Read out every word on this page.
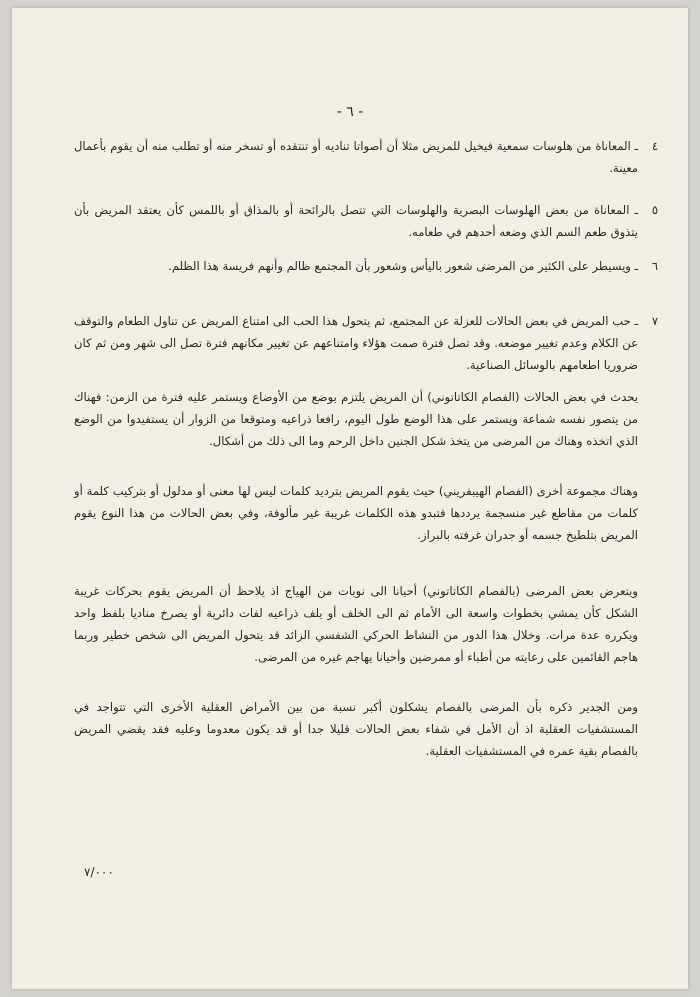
- ٦ -
٤
ـ المعاناة من هلوسات سمعية فيخيل للمريض مثلا أن أصواتا تناديه أو تنتقده أو تسخر منه أو تطلب منه أن يقوم بأعمال معينة.
٥
ـ المعاناة من بعض الهلوسات البصرية والهلوسات التي تتصل بالرائحة أو بالمذاق أو باللمس كأن يعتقد المريض بأن يتذوق طعم السم الذي وضعه أحدهم في طعامه.
٦
ـ ويسيطر على الكثير من المرضى شعور باليأس وشعور بأن المجتمع ظالم وأنهم فريسة هذا الظلم.
٧
ـ حب المريض في بعض الحالات للعزلة عن المجتمع، ثم يتحول هذا الحب الى امتناع المريض عن تناول الطعام والتوقف عن الكلام وعدم تغيير موضعه. وقد تصل فترة صمت هؤلاء وامتناعهم عن تغيير مكانهم فترة تصل الى شهر ومن ثم كان ضروريا اطعامهم بالوسائل الصناعية.
يحدث في بعض الحالات (الفصام الكاتاتوني) أن المريض يلتزم بوضع من الأوضاع ويستمر عليه فترة من الزمن: فهناك من يتصور نفسه شماعة ويستمر على هذا الوضع طول اليوم، رافعا ذراعيه ومتوقعا من الزوار أن يستفيدوا من الوضع الذي اتخذه وهناك من المرضى من يتخذ شكل الجنين داخل الرحم وما الى ذلك من أشكال.
وهناك مجموعة أخرى (الفصام الهيبفريني) حيث يقوم المريض بترديد كلمات ليس لها معنى أو مدلول أو بتركيب كلمة أو كلمات من مقاطع غير منسجمة يرددها فتبدو هذه الكلمات غريبة غير مألوفة، وفي بعض الحالات من هذا النوع يقوم المريض بتلطيخ جسمه أو جدران غرفته بالبراز.
ويتعرض بعض المرضى (بالفصام الكاتاتوني) أحيانا الى نوبات من الهياج اذ يلاحظ أن المريض يقوم بحركات غريبة الشكل كأن يمشي بخطوات واسعة الى الأمام ثم الى الخلف أو يلف ذراعيه لفات دائرية أو يصرخ مناديا بلفظ واحد ويكرره عدة مرات. وخلال هذا الدور من النشاط الحركي الشفسي الزائد قد يتحول المريض الى شخص خطير وربما هاجم القائمين على رعايته من أطباء أو ممرضين وأحيانا يهاجم غيره من المرضى.
ومن الجدير ذكره بأن المرضى بالفصام يشكلون أكبر نسبة من بين الأمراض العقلية الأخرى التي تتواجد في المستشفيات العقلية اذ أن الأمل في شفاء بعض الحالات قليلا جدا أو قد يكون معدوما وعليه فقد يقضي المريض بالفصام بقية عمره في المستشفيات العقلية.
٧/٠٠٠
